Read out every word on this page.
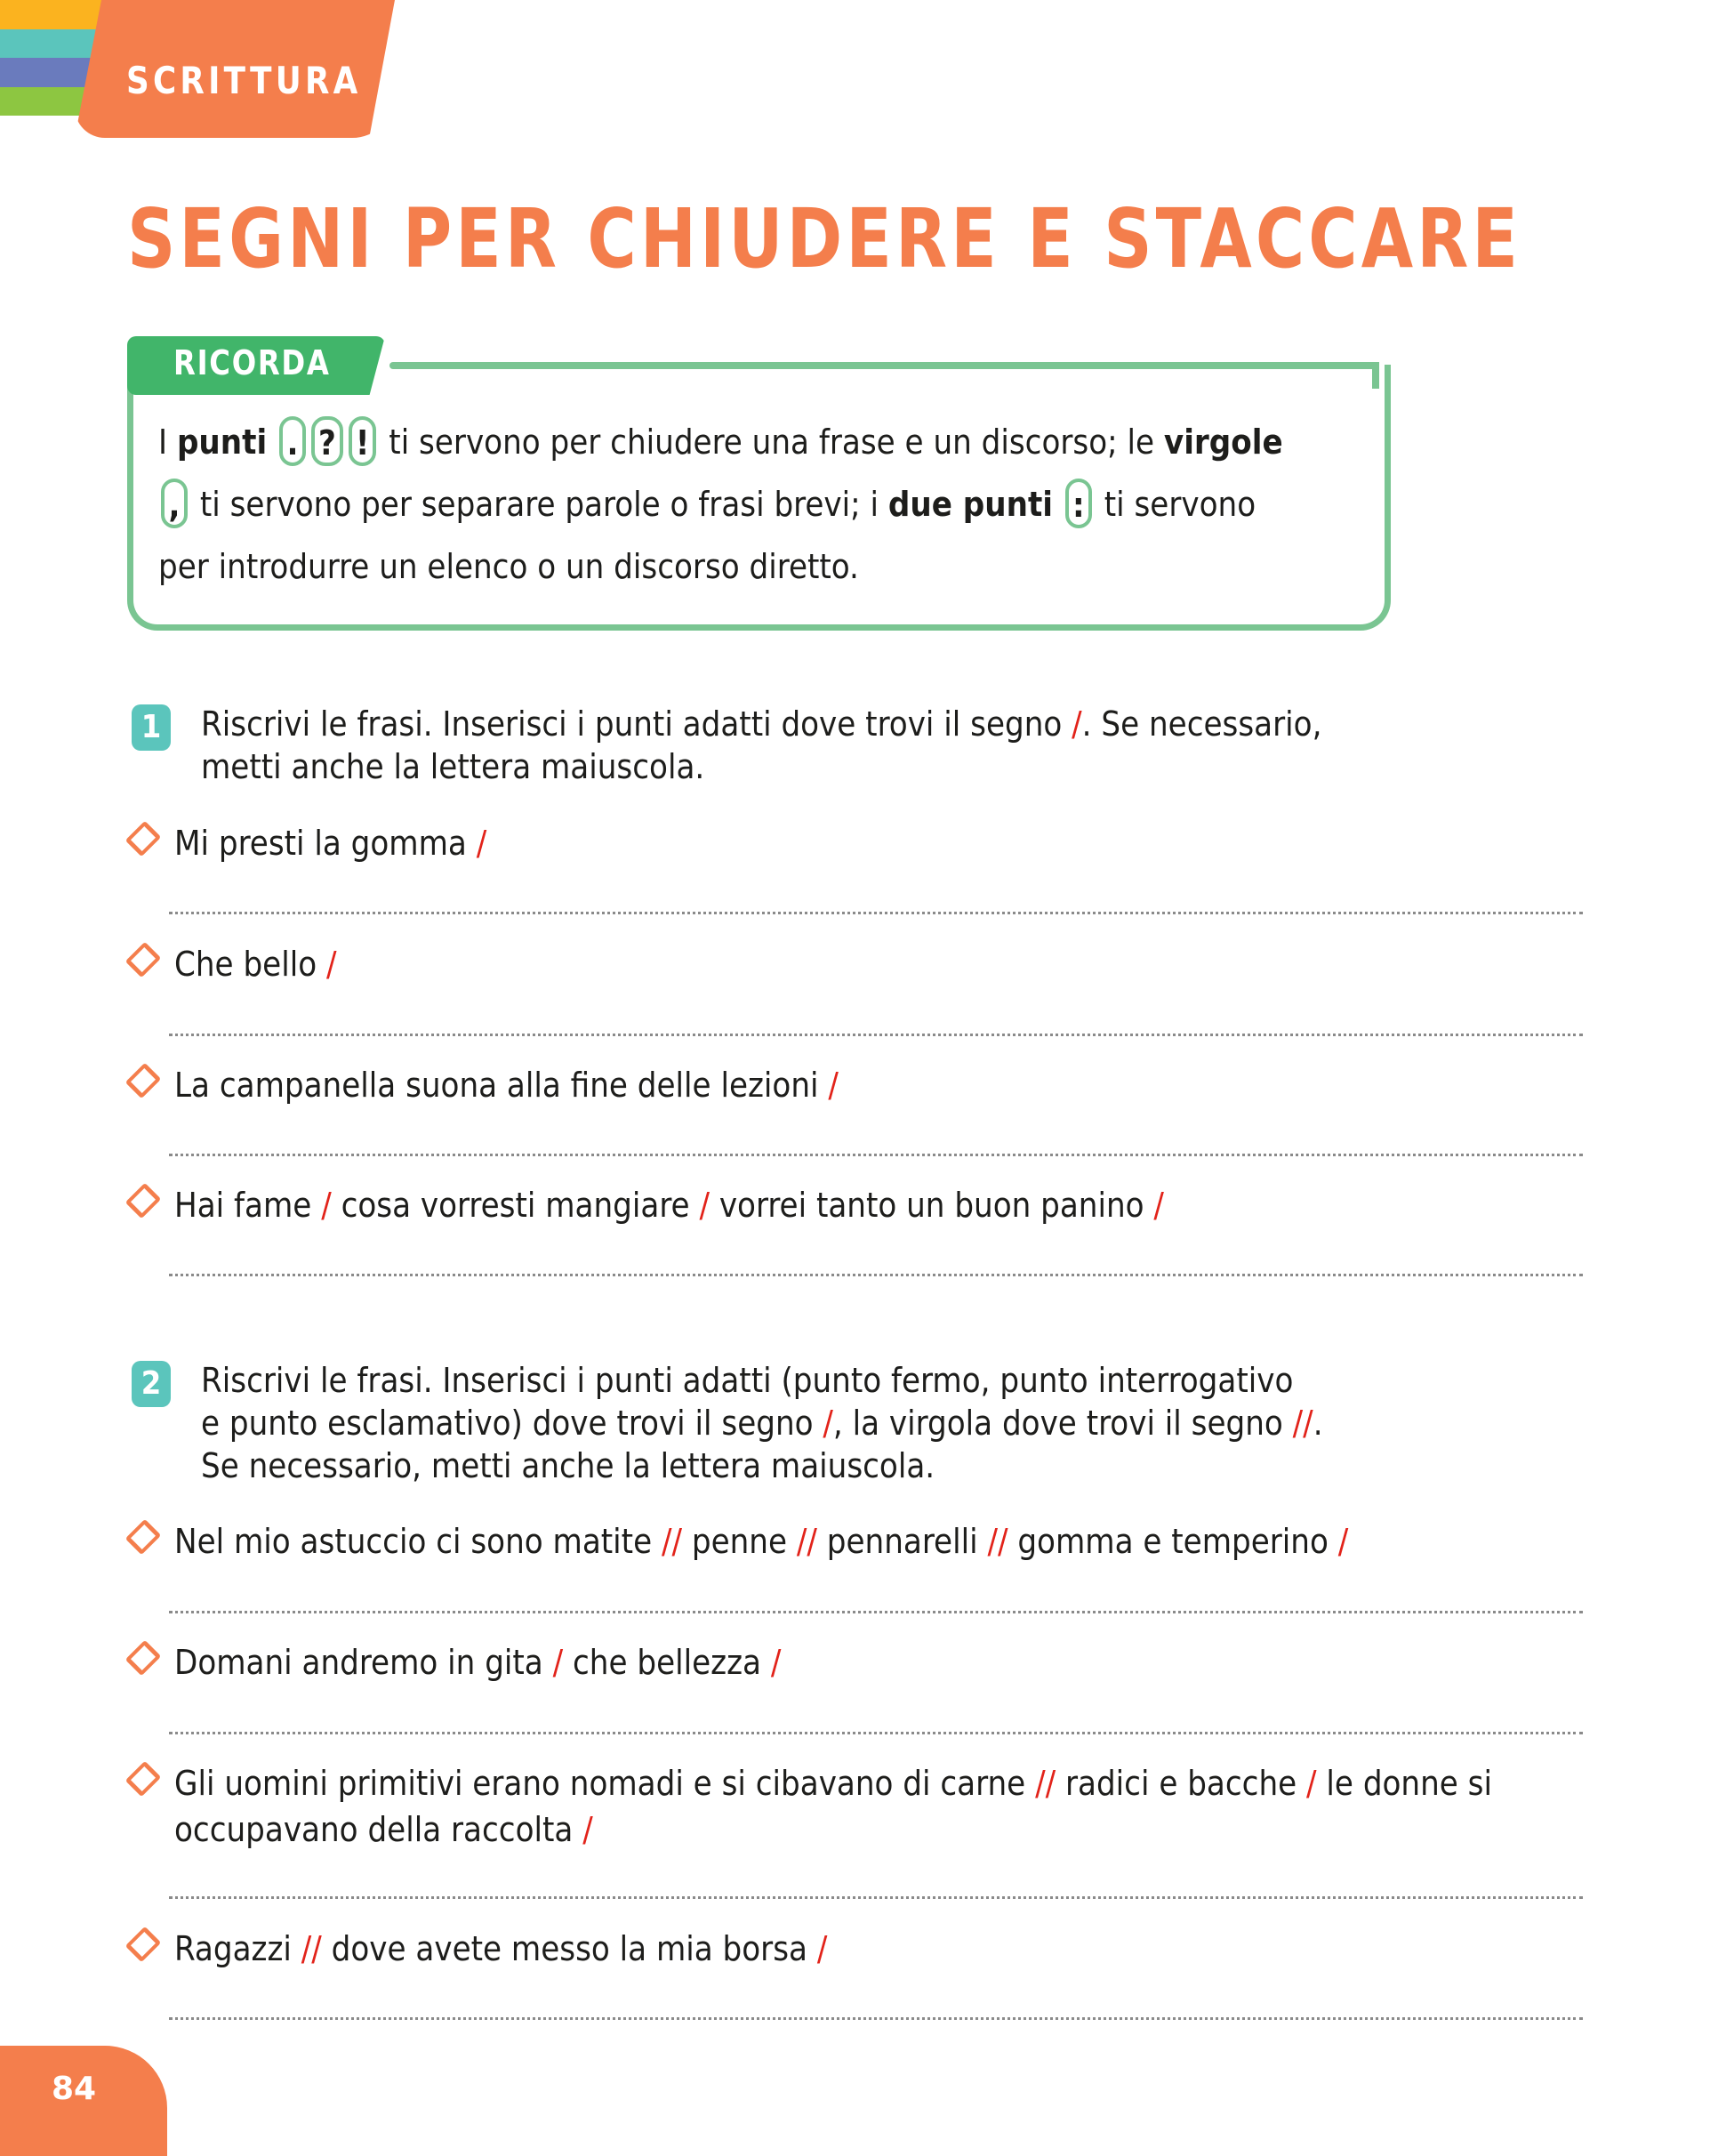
SCRITTURA
SEGNI PER CHIUDERE E STACCARE
RICORDA
I punti . ? ! ti servono per chiudere una frase e un discorso; le virgole
, ti servono per separare parole o frasi brevi; i due punti : ti servono
per introdurre un elenco o un discorso diretto.
1 Riscrivi le frasi. Inserisci i punti adatti dove trovi il segno /. Se necessario,
metti anche la lettera maiuscola.
Mi presti la gomma /
Che bello /
La campanella suona alla fine delle lezioni /
Hai fame / cosa vorresti mangiare / vorrei tanto un buon panino /
2 Riscrivi le frasi. Inserisci i punti adatti (punto fermo, punto interrogativo
e punto esclamativo) dove trovi il segno /, la virgola dove trovi il segno //.
Se necessario, metti anche la lettera maiuscola.
Nel mio astuccio ci sono matite // penne // pennarelli // gomma e temperino /
Domani andremo in gita / che bellezza /
Gli uomini primitivi erano nomadi e si cibavano di carne // radici e bacche / le donne si occupavano della raccolta /
Ragazzi // dove avete messo la mia borsa /
84
